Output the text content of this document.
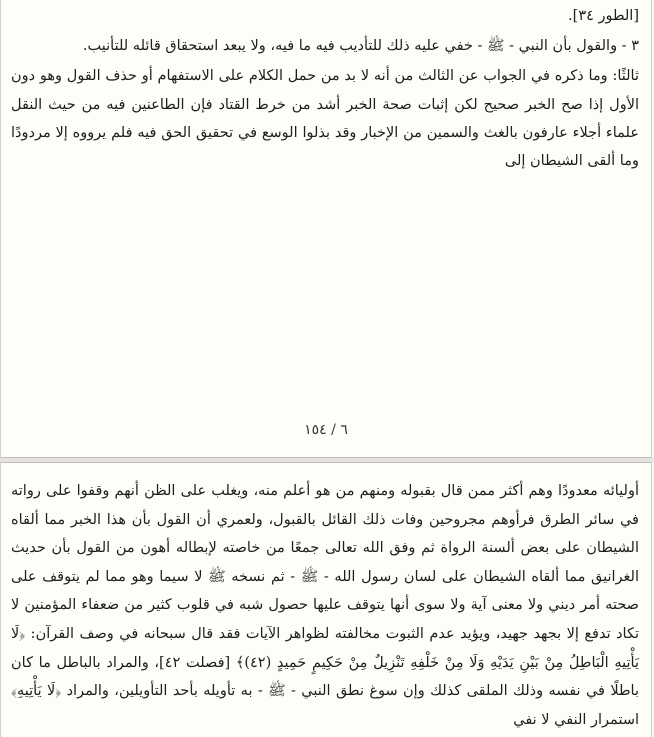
[الطور ٣٤].

٣ - والقول بأن النبي - ﷺ - خفي عليه ذلك للتأديب فيه ما فيه، ولا يبعد استحقاق قائله للتأنيب.

ثالثًا: وما ذكره في الجواب عن الثالث من أنه لا بد من حمل الكلام على الاستفهام أو حذف القول وهو دون الأول إذا صح الخبر صحيح لكن إثبات صحة الخبر أشد من خرط القتاد فإن الطاعنين فيه من حيث النقل علماء أجلاء عارفون بالغث والسمين من الإخبار وقد بذلوا الوسع في تحقيق الحق فيه فلم يرووه إلا مردودًا وما ألقى الشيطان إلى

٦ / ١٥٤

أوليائه معدودًا وهم أكثر ممن قال بقبوله ومنهم من هو أعلم منه، ويغلب على الظن أنهم وقفوا على رواته في سائر الطرق فرأوهم مجروحين وفات ذلك القائل بالقبول، ولعمري أن القول بأن هذا الخبر مما ألقاه الشيطان على بعض ألسنة الرواة ثم وفق الله تعالى جمعًا من خاصته لإبطاله أهون من القول بأن حديث الغرانيق مما ألقاه الشيطان على لسان رسول الله - ﷺ - ثم نسخه ﷺ لا سيما وهو مما لم يتوقف على صحته أمر ديني ولا معنى آية ولا سوى أنها يتوقف عليها حصول شبه في قلوب كثير من ضعفاء المؤمنين لا تكاد تدفع إلا بجهد جهيد، ويؤيد عدم الثبوت مخالفته لظواهر الآيات فقد قال سبحانه في وصف القرآن: ﴿لَا يَأْتِيهِ الْبَاطِلُ مِنْ بَيْنِ يَدَيْهِ وَلَا مِنْ خَلْفِهِ تَنْزِيلٌ مِنْ حَكِيمٍ حَمِيدٍ (٤٢)﴾ [فصلت ٤٢]، والمراد بالباطل ما كان باطلًا في نفسه وذلك الملقى كذلك وإن سوغ نطق النبي - ﷺ - به تأويله بأحد التأويلين، والمراد ﴿لَا يَأْتِيهِ﴾ استمرار النفي لا نفي
